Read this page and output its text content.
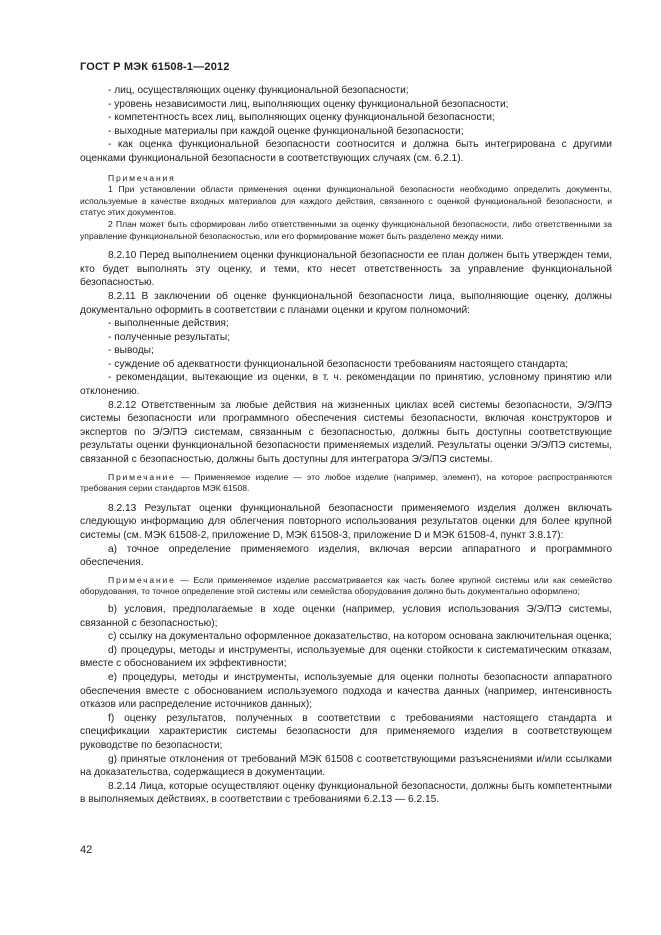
ГОСТ Р МЭК 61508-1—2012

- лиц, осуществляющих оценку функциональной безопасности;

- уровень независимости лиц, выполняющих оценку функциональной безопасности;

- компетентность всех лиц, выполняющих оценку функциональной безопасности;

- выходные материалы при каждой оценке функциональной безопасности;

- как оценка функциональной безопасности соотносится и должна быть интегрирована с другими оценками функциональной безопасности в соответствующих случаях (см. 6.2.1).

Примечания

1 При установлении области применения оценки функциональной безопасности необходимо определить документы, используемые в качестве входных материалов для каждого действия, связанного с оценкой функциональной безопасности, и статус этих документов.

2 План может быть сформирован либо ответственными за оценку функциональной безопасности, либо ответственными за управление функциональной безопасностью, или его формирование может быть разделено между ними.

8.2.10 Перед выполнением оценки функциональной безопасности ее план должен быть утвержден теми, кто будет выполнять эту оценку, и теми, кто несет ответственность за управление функциональной безопасностью.

8.2.11 В заключении об оценке функциональной безопасности лица, выполняющие оценку, должны документально оформить в соответствии с планами оценки и кругом полномочий:

- выполненные действия;

- полученные результаты;

- выводы;

- суждение об адекватности функциональной безопасности требованиям настоящего стандарта;

- рекомендации, вытекающие из оценки, в т. ч. рекомендации по принятию, условному принятию или отклонению.

8.2.12 Ответственным за любые действия на жизненных циклах всей системы безопасности, Э/Э/ПЭ системы безопасности или программного обеспечения системы безопасности, включая конструкторов и экспертов по Э/Э/ПЭ системам, связанным с безопасностью, должны быть доступны соответствующие результаты оценки функциональной безопасности применяемых изделий. Результаты оценки Э/Э/ПЭ системы, связанной с безопасностью, должны быть доступны для интегратора Э/Э/ПЭ системы.

Примечание — Применяемое изделие — это любое изделие (например, элемент), на которое распространяются требования серии стандартов МЭК 61508.

8.2.13 Результат оценки функциональной безопасности применяемого изделия должен включать следующую информацию для облегчения повторного использования результатов оценки для более крупной системы (см. МЭК 61508-2, приложение D, МЭК 61508-3, приложение D и МЭК 61508-4, пункт 3.8.17):

a) точное определение применяемого изделия, включая версии аппаратного и программного обеспечения.

Примечание — Если применяемое изделие рассматривается как часть более крупной системы или как семейство оборудования, то точное определение этой системы или семейства оборудования должно быть документально оформлено;

b) условия, предполагаемые в ходе оценки (например, условия использования Э/Э/ПЭ системы, связанной с безопасностью);

c) ссылку на документально оформленное доказательство, на котором основана заключительная оценка;

d) процедуры, методы и инструменты, используемые для оценки стойкости к систематическим отказам, вместе с обоснованием их эффективности;

e) процедуры, методы и инструменты, используемые для оценки полноты безопасности аппаратного обеспечения вместе с обоснованием используемого подхода и качества данных (например, интенсивность отказов или распределение источников данных);

f) оценку результатов, полученных в соответствии с требованиями настоящего стандарта и спецификации характеристик системы безопасности для применяемого изделия в соответствующем руководстве по безопасности;

g) принятые отклонения от требований МЭК 61508 с соответствующими разъяснениями и/или ссылками на доказательства, содержащиеся в документации.

8.2.14 Лица, которые осуществляют оценку функциональной безопасности, должны быть компетентными в выполняемых действиях, в соответствии с требованиями 6.2.13 — 6.2.15.

42
